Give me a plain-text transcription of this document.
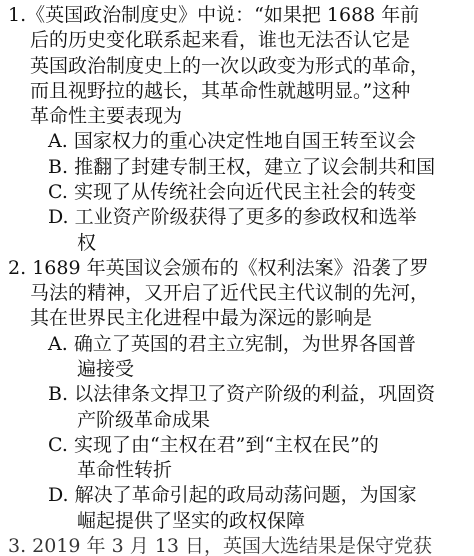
1.《英国政治制度史》中说：“如果把 1688 年前
后的历史变化联系起来看，谁也无法否认它是
英国政治制度史上的一次以政变为形式的革命，
而且视野拉的越长，其革命性就越明显。”这种
革命性主要表现为
A. 国家权力的重心决定性地自国王转至议会
B. 推翻了封建专制王权，建立了议会制共和国
C. 实现了从传统社会向近代民主社会的转变
D. 工业资产阶级获得了更多的参政权和选举
权
2. 1689 年英国议会颁布的《权利法案》沿袭了罗
马法的精神，又开启了近代民主代议制的先河，
其在世界民主化进程中最为深远的影响是
A. 确立了英国的君主立宪制，为世界各国普
遍接受
B. 以法律条文捍卫了资产阶级的利益，巩固资
产阶级革命成果
C. 实现了由“主权在君”到“主权在民”的
革命性转折
D. 解决了革命引起的政局动荡问题，为国家
崛起提供了坚实的政权保障
3. 2019 年 3 月 13 日，英国大选结果是保守党获
